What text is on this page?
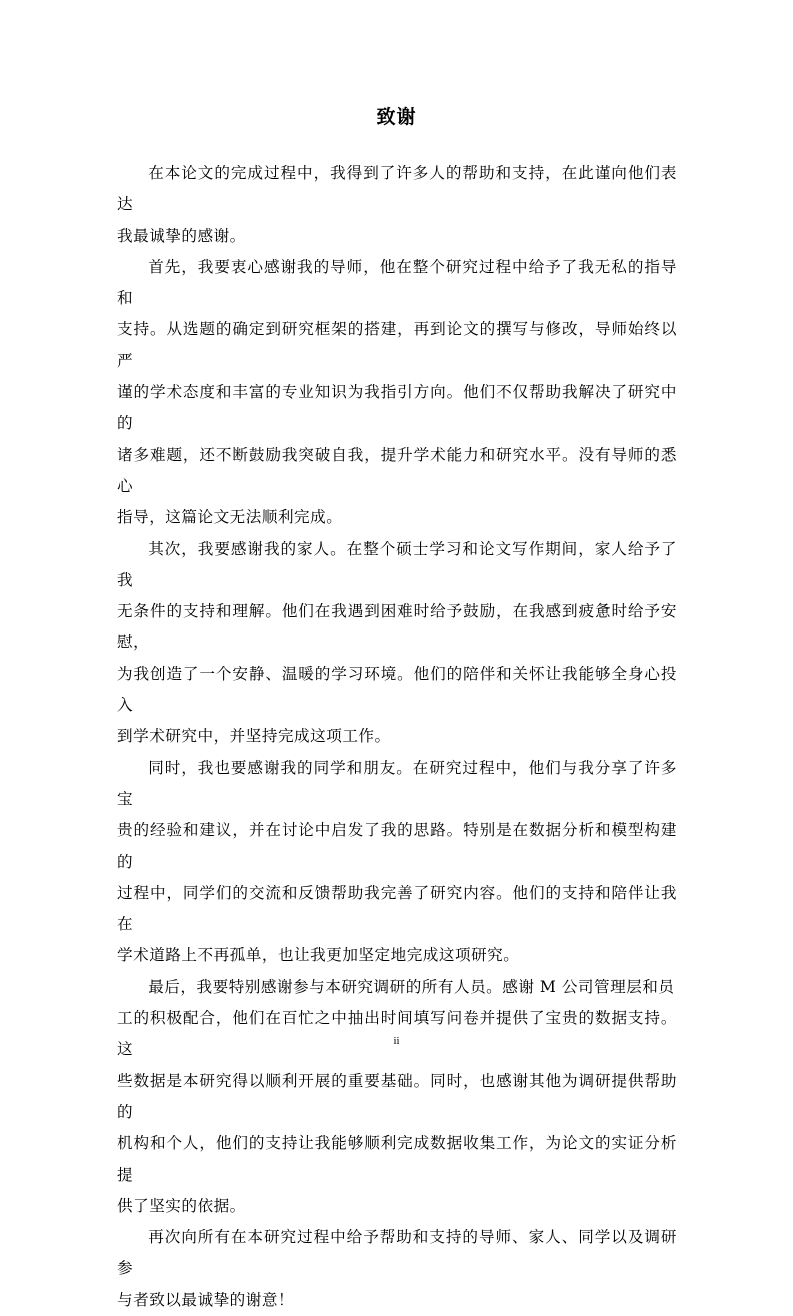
致谢

在本论文的完成过程中，我得到了许多人的帮助和支持，在此谨向他们表达
我最诚挚的感谢。

首先，我要衷心感谢我的导师，他在整个研究过程中给予了我无私的指导和
支持。从选题的确定到研究框架的搭建，再到论文的撰写与修改，导师始终以严
谨的学术态度和丰富的专业知识为我指引方向。他们不仅帮助我解决了研究中的
诸多难题，还不断鼓励我突破自我，提升学术能力和研究水平。没有导师的悉心
指导，这篇论文无法顺利完成。

其次，我要感谢我的家人。在整个硕士学习和论文写作期间，家人给予了我
无条件的支持和理解。他们在我遇到困难时给予鼓励，在我感到疲惫时给予安慰，
为我创造了一个安静、温暖的学习环境。他们的陪伴和关怀让我能够全身心投入
到学术研究中，并坚持完成这项工作。

同时，我也要感谢我的同学和朋友。在研究过程中，他们与我分享了许多宝
贵的经验和建议，并在讨论中启发了我的思路。特别是在数据分析和模型构建的
过程中，同学们的交流和反馈帮助我完善了研究内容。他们的支持和陪伴让我在
学术道路上不再孤单，也让我更加坚定地完成这项研究。

最后，我要特别感谢参与本研究调研的所有人员。感谢 M 公司管理层和员
工的积极配合，他们在百忙之中抽出时间填写问卷并提供了宝贵的数据支持。这
些数据是本研究得以顺利开展的重要基础。同时，也感谢其他为调研提供帮助的
机构和个人，他们的支持让我能够顺利完成数据收集工作，为论文的实证分析提
供了坚实的依据。

再次向所有在本研究过程中给予帮助和支持的导师、家人、同学以及调研参
与者致以最诚挚的谢意！

ii
